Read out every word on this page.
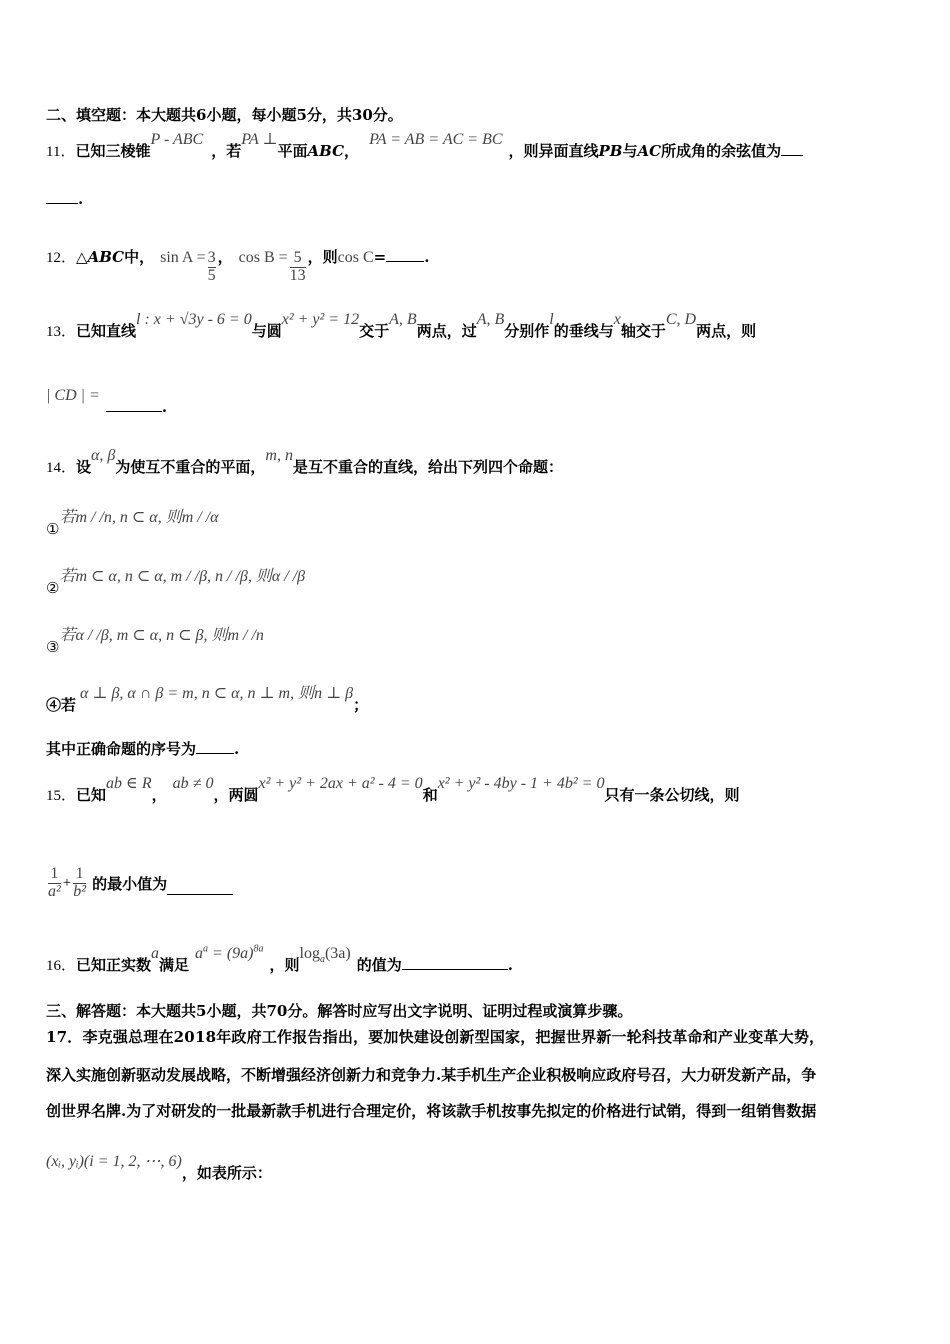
二、填空题：本大题共6小题，每小题5分，共30分。
11． 已知三棱锥
P - ABC
，若
PA ⊥
平面 ABC ，
PA = AB = AC = BC
，则异面直线 PB 与 AC 所成角的余弦值为
.
12． △ ABC 中， $\sin A = \frac{3}{5}$ ， $\cos B = \frac{5}{13}$ ，则 cos C =	.
13． 已知直线
l : x + √3y - 6 = 0
与圆
x² + y² = 12
交于
A, B
两点，过
A, B
分别作
l
的垂线与
x
轴交于
C, D
两点，则
| CD | =
.
14． 设
α, β
为使互不重合的平面，
m, n
是互不重合的直线，给出下列四个命题：
①
若m / /n, n ⊂ α, 则m / /α
②
若m ⊂ α, n ⊂ α, m / /β, n / /β, 则α / /β
③
若α / /β, m ⊂ α, n ⊂ β, 则m / /n
④若
α ⊥ β, α ∩ β = m, n ⊂ α, n ⊥ m, 则n ⊥ β
；
其中正确命题的序号为	.
15． 已知
ab ∈ R
，
ab ≠ 0
，两圆
x² + y² + 2ax + a² - 4 = 0
和
x² + y² - 4by - 1 + 4b² = 0
只有一条公切线，则
$\frac{1}{\text{a²}} + \frac{1}{\text{b²}}$ 的最小值为
16． 已知正实数
a
满足
$a^a = (9a)^{8a}$
，则
$\log_a(3a)$
的值为	.
三、解答题：本大题共5小题，共70分。解答时应写出文字说明、证明过程或演算步骤。
17．李克强总理在2018年政府工作报告指出，要加快建设创新型国家，把握世界新一轮科技革命和产业变革大势，
深入实施创新驱动发展战略，不断增强经济创新力和竞争力.某手机生产企业积极响应政府号召，大力研发新产品，争
创世界名牌.为了对研发的一批最新款手机进行合理定价，将该款手机按事先拟定的价格进行试销，得到一组销售数据
(xᵢ, yᵢ)(i = 1, 2, ⋯, 6)
，如表所示：
